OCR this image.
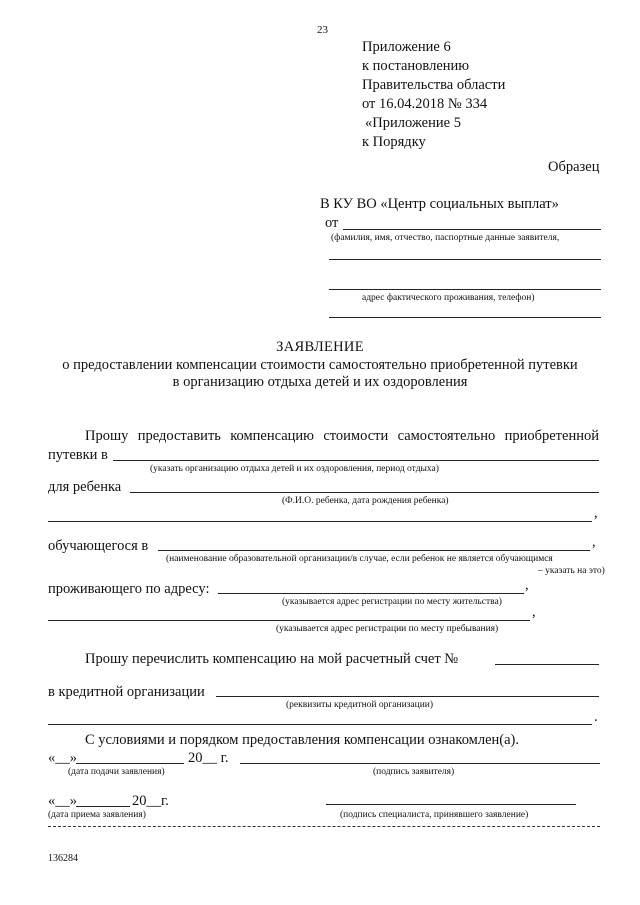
23
Приложение 6
к постановлению
Правительства области
от 16.04.2018 № 334
«Приложение 5
к Порядку
Образец
В КУ ВО «Центр социальных выплат»
от
(фамилия, имя, отчество, паспортные данные заявителя,
адрес фактического проживания, телефон)
ЗАЯВЛЕНИЕ
о предоставлении компенсации стоимости самостоятельно приобретенной путевки
в организацию отдыха детей и их оздоровления
Прошу предоставить компенсацию стоимости самостоятельно приобретенной
путевки в
(указать организацию отдыха детей и их оздоровления, период отдыха)
для ребенка
(Ф.И.О. ребенка, дата рождения ребенка)
,
обучающегося в	,
(наименование образовательной организации/в случае, если ребенок не является обучающимся
– указать на это)
проживающего по адресу:	,
(указывается адрес регистрации по месту жительства)
,
(указывается адрес регистрации по месту пребывания)
Прошу перечислить компенсацию на мой расчетный счет №
в кредитной организации
(реквизиты кредитной организации)
.
С условиями и порядком предоставления компенсации ознакомлен(а).
«__»	20__ г.
(дата подачи заявления)	(подпись заявителя)
«__»	20__г.
(дата приема заявления)	(подпись специалиста, принявшего заявление)
136284
